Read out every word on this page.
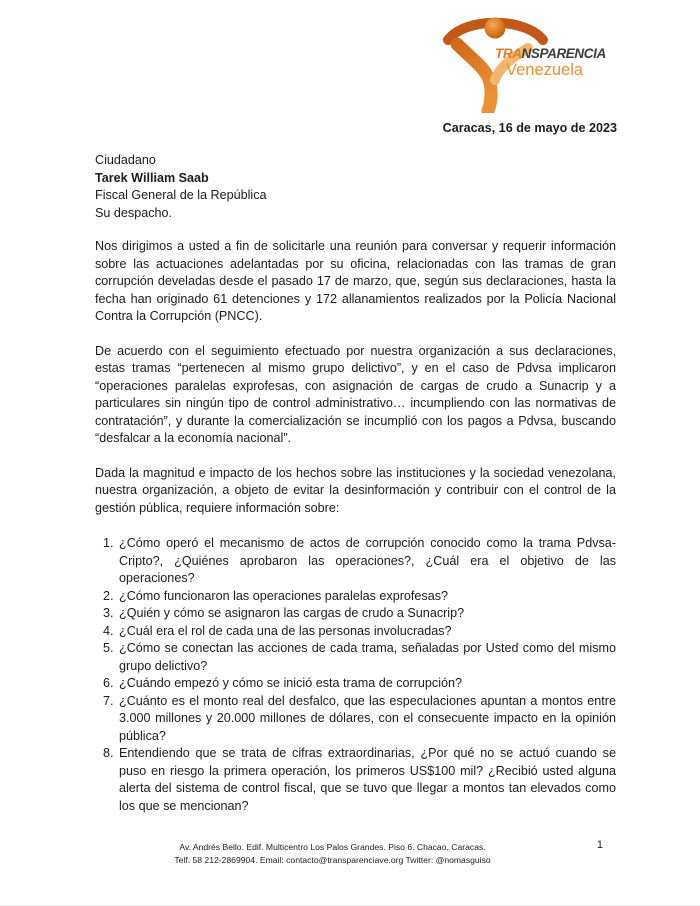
TRANSPARENCIA
Venezuela
Caracas, 16 de mayo de 2023
Ciudadano
Tarek William Saab
Fiscal General de la República
Su despacho.

Nos dirigimos a usted a fin de solicitarle una reunión para conversar y requerir información sobre las actuaciones adelantadas por su oficina, relacionadas con las tramas de gran corrupción develadas desde el pasado 17 de marzo, que, según sus declaraciones, hasta la fecha han originado 61 detenciones y 172 allanamientos realizados por la Policía Nacional Contra la Corrupción (PNCC).

De acuerdo con el seguimiento efectuado por nuestra organización a sus declaraciones, estas tramas “pertenecen al mismo grupo delictivo”, y en el caso de Pdvsa implicaron “operaciones paralelas exprofesas, con asignación de cargas de crudo a Sunacrip y a particulares sin ningún tipo de control administrativo… incumpliendo con las normativas de contratación”, y durante la comercialización se incumplió con los pagos a Pdvsa, buscando “desfalcar a la economía nacional”.

Dada la magnitud e impacto de los hechos sobre las instituciones y la sociedad venezolana, nuestra organización, a objeto de evitar la desinformación y contribuir con el control de la gestión pública, requiere información sobre:

1. ¿Cómo operó el mecanismo de actos de corrupción conocido como la trama Pdvsa-Cripto?, ¿Quiénes aprobaron las operaciones?, ¿Cuál era el objetivo de las operaciones?
2. ¿Cómo funcionaron las operaciones paralelas exprofesas?
3. ¿Quién y cómo se asignaron las cargas de crudo a Sunacrip?
4. ¿Cuál era el rol de cada una de las personas involucradas?
5. ¿Cómo se conectan las acciones de cada trama, señaladas por Usted como del mismo grupo delictivo?
6. ¿Cuándo empezó y cómo se inició esta trama de corrupción?
7. ¿Cuánto es el monto real del desfalco, que las especulaciones apuntan a montos entre 3.000 millones y 20.000 millones de dólares, con el consecuente impacto en la opinión pública?
8. Entendiendo que se trata de cifras extraordinarias, ¿Por qué no se actuó cuando se puso en riesgo la primera operación, los primeros US$100 mil? ¿Recibió usted alguna alerta del sistema de control fiscal, que se tuvo que llegar a montos tan elevados como los que se mencionan?
Av. Andrés Bello. Edif. Multicentro Los Palos Grandes. Piso 6. Chacao, Caracas.
Telf. 58 212-2869904. Email: contacto@transparenciave.org Twitter: @nomasguiso
1
